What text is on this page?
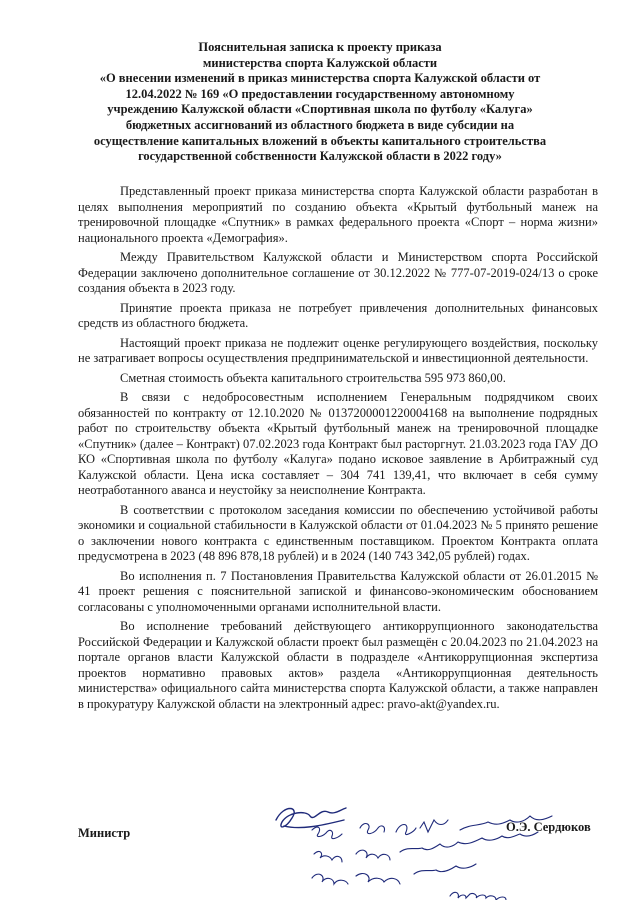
Пояснительная записка к проекту приказа
министерства спорта Калужской области
«О внесении изменений в приказ министерства спорта Калужской области от
12.04.2022 № 169 «О предоставлении государственному автономному
учреждению Калужской области «Спортивная школа по футболу «Калуга»
бюджетных ассигнований из областного бюджета в виде субсидии на
осуществление капитальных вложений в объекты капитального строительства
государственной собственности Калужской области в 2022 году»

Представленный проект приказа министерства спорта Калужской области разработан в целях выполнения мероприятий по созданию объекта «Крытый футбольный манеж на тренировочной площадке «Спутник» в рамках федерального проекта «Спорт – норма жизни» национального проекта «Демография».

Между Правительством Калужской области и Министерством спорта Российской Федерации заключено дополнительное соглашение от 30.12.2022 № 777-07-2019-024/13 о сроке создания объекта в 2023 году.

Принятие проекта приказа не потребует привлечения дополнительных финансовых средств из областного бюджета.

Настоящий проект приказа не подлежит оценке регулирующего воздействия, поскольку не затрагивает вопросы осуществления предпринимательской и инвестиционной деятельности.

Сметная стоимость объекта капитального строительства 595 973 860,00.

В связи с недобросовестным исполнением Генеральным подрядчиком своих обязанностей по контракту от 12.10.2020 № 0137200001220004168 на выполнение подрядных работ по строительству объекта «Крытый футбольный манеж на тренировочной площадке «Спутник» (далее – Контракт) 07.02.2023 года Контракт был расторгнут. 21.03.2023 года ГАУ ДО КО «Спортивная школа по футболу «Калуга» подано исковое заявление в Арбитражный суд Калужской области. Цена иска составляет – 304 741 139,41, что включает в себя сумму неотработанного аванса и неустойку за неисполнение Контракта.

В соответствии с протоколом заседания комиссии по обеспечению устойчивой работы экономики и социальной стабильности в Калужской области от 01.04.2023 № 5 принято решение о заключении нового контракта с единственным поставщиком. Проектом Контракта оплата предусмотрена в 2023 (48 896 878,18 рублей) и в 2024 (140 743 342,05 рублей) годах.

Во исполнения п. 7 Постановления Правительства Калужской области от 26.01.2015 № 41 проект решения с пояснительной запиской и финансово-экономическим обоснованием согласованы с уполномоченными органами исполнительной власти.

Во исполнение требований действующего антикоррупционного законодательства Российской Федерации и Калужской области проект был размещён с 20.04.2023 по 21.04.2023 на портале органов власти Калужской области в подразделе «Антикоррупционная экспертиза проектов нормативно правовых актов» раздела «Антикоррупционная деятельность министерства» официального сайта министерства спорта Калужской области, а также направлен в прокуратуру Калужской области на электронный адрес: pravo-akt@yandex.ru.

Министр	О.Э. Сердюков
